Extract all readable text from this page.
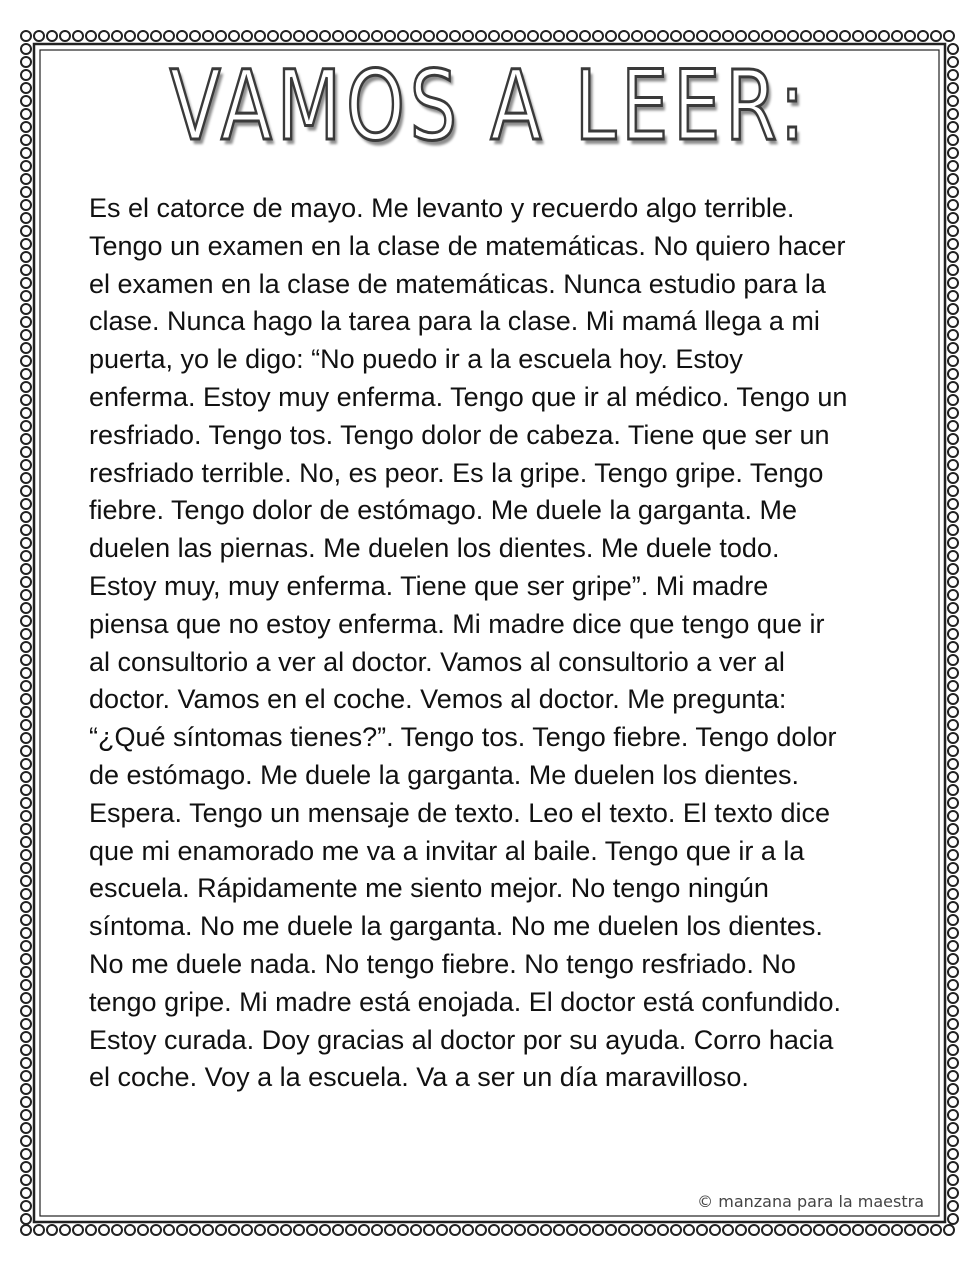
VAMOS A LEER:

Es el catorce de mayo. Me levanto y recuerdo algo terrible.
Tengo un examen en la clase de matemáticas. No quiero hacer
el examen en la clase de matemáticas. Nunca estudio para la
clase. Nunca hago la tarea para la clase. Mi mamá llega a mi
puerta, yo le digo: “No puedo ir a la escuela hoy. Estoy
enferma. Estoy muy enferma. Tengo que ir al médico. Tengo un
resfriado. Tengo tos. Tengo dolor de cabeza. Tiene que ser un
resfriado terrible. No, es peor. Es la gripe. Tengo gripe. Tengo
fiebre. Tengo dolor de estómago. Me duele la garganta. Me
duelen las piernas. Me duelen los dientes. Me duele todo.
Estoy muy, muy enferma. Tiene que ser gripe”. Mi madre
piensa que no estoy enferma. Mi madre dice que tengo que ir
al consultorio a ver al doctor. Vamos al consultorio a ver al
doctor. Vamos en el coche. Vemos al doctor. Me pregunta:
“¿Qué síntomas tienes?”. Tengo tos. Tengo fiebre. Tengo dolor
de estómago. Me duele la garganta. Me duelen los dientes.
Espera. Tengo un mensaje de texto. Leo el texto. El texto dice
que mi enamorado me va a invitar al baile. Tengo que ir a la
escuela. Rápidamente me siento mejor. No tengo ningún
síntoma. No me duele la garganta. No me duelen los dientes.
No me duele nada. No tengo fiebre. No tengo resfriado. No
tengo gripe. Mi madre está enojada. El doctor está confundido.
Estoy curada. Doy gracias al doctor por su ayuda. Corro hacia
el coche. Voy a la escuela. Va a ser un día maravilloso.

© manzana para la maestra
